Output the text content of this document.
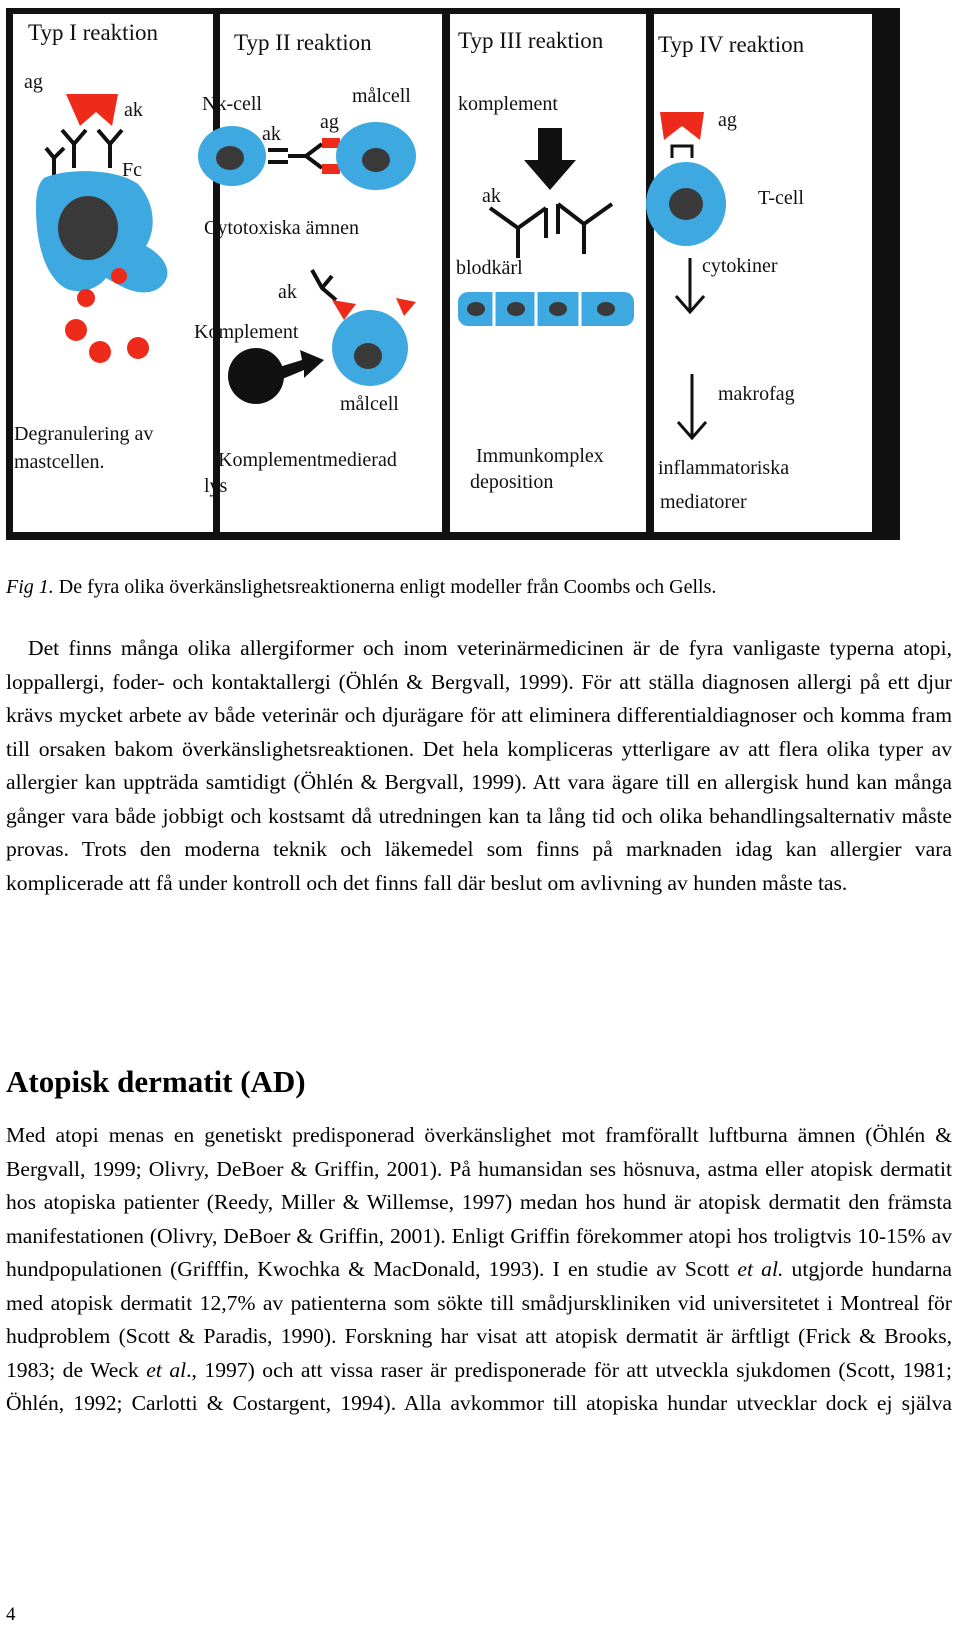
Typ I reaktion
ag
ak
Fc
Degranulering av
mastcellen.
Typ II reaktion
Nk-cell	målcell
ak
ag
Cytotoxiska ämnen
ak
Komplement
målcell
Komplementmedierad
lys
Typ III reaktion
komplement
ak
blodkärl
Immunkomplex
deposition
Typ IV reaktion
ag
T-cell
cytokiner
makrofag
inflammatoriska
mediatorer
Fig 1. De fyra olika överkänslighetsreaktionerna enligt modeller från Coombs och Gells.

Det finns många olika allergiformer och inom veterinärmedicinen är de fyra vanligaste typerna atopi, loppallergi, foder- och kontaktallergi (Öhlén & Bergvall, 1999). För att ställa diagnosen allergi på ett djur krävs mycket arbete av både veterinär och djurägare för att eliminera differentialdiagnoser och komma fram till orsaken bakom överkänslighetsreaktionen. Det hela kompliceras ytterligare av att flera olika typer av allergier kan uppträda samtidigt (Öhlén & Bergvall, 1999). Att vara ägare till en allergisk hund kan många gånger vara både jobbigt och kostsamt då utredningen kan ta lång tid och olika behandlingsalternativ måste provas. Trots den moderna teknik och läkemedel som finns på marknaden idag kan allergier vara komplicerade att få under kontroll och det finns fall där beslut om avlivning av hunden måste tas.

Atopisk dermatit (AD)

Med atopi menas en genetiskt predisponerad överkänslighet mot framförallt luftburna ämnen (Öhlén & Bergvall, 1999; Olivry, DeBoer & Griffin, 2001). På humansidan ses hösnuva, astma eller atopisk dermatit hos atopiska patienter (Reedy, Miller & Willemse, 1997) medan hos hund är atopisk dermatit den främsta manifestationen (Olivry, DeBoer & Griffin, 2001). Enligt Griffin förekommer atopi hos troligtvis 10-15% av hundpopulationen (Grifffin, Kwochka & MacDonald, 1993). I en studie av Scott et al. utgjorde hundarna med atopisk dermatit 12,7% av patienterna som sökte till smådjurskliniken vid universitetet i Montreal för hudproblem (Scott & Paradis, 1990). Forskning har visat att atopisk dermatit är ärftligt (Frick & Brooks, 1983; de Weck et al., 1997) och att vissa raser är predisponerade för att utveckla sjukdomen (Scott, 1981; Öhlén, 1992; Carlotti & Costargent, 1994). Alla avkommor till atopiska hundar utvecklar dock ej själva

4
